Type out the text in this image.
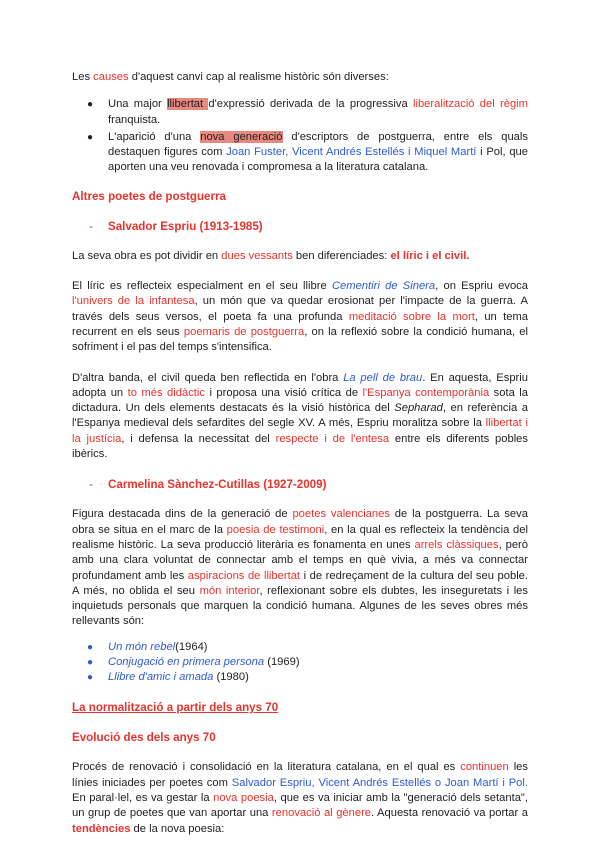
Les causes d'aquest canvi cap al realisme històric són diverses:

● Una major llibertat d'expressió derivada de la progressiva liberalització del règim franquista.
● L'aparició d'una nova generació d'escriptors de postguerra, entre els quals destaquen figures com Joan Fuster, Vicent Andrés Estellés i Miquel Martí i Pol, que aporten una veu renovada i compromesa a la literatura catalana.
Altres poetes de postguerra
- Salvador Espriu (1913-1985)

La seva obra es pot dividir en dues vessants ben diferenciades: el líric i el civil.

El líric es reflecteix especialment en el seu llibre Cementiri de Sinera, on Espriu evoca l'univers de la infantesa, un món que va quedar erosionat per l'impacte de la guerra. A través dels seus versos, el poeta fa una profunda meditació sobre la mort, un tema recurrent en els seus poemaris de postguerra, on la reflexió sobre la condició humana, el sofriment i el pas del temps s'intensifica.

D'altra banda, el civil queda ben reflectida en l'obra La pell de brau. En aquesta, Espriu adopta un to més didàctic i proposa una visió crítica de l'Espanya contemporània sota la dictadura. Un dels elements destacats és la visió històrica del Sepharad, en referència a l'Espanya medieval dels sefardites del segle XV. A més, Espriu moralitza sobre la llibertat i la justícia, i defensa la necessitat del respecte i de l'entesa entre els diferents pobles ibèrics.

- Carmelina Sànchez-Cutillas (1927-2009)

Figura destacada dins de la generació de poetes valencianes de la postguerra. La seva obra se situa en el marc de la poesia de testimoni, en la qual es reflecteix la tendència del realisme històric. La seva producció literària es fonamenta en unes arrels clàssiques, però amb una clara voluntat de connectar amb el temps en què vivia, a més va connectar profundament amb les aspiracions de llibertat i de redreçament de la cultura del seu poble. A més, no oblida el seu món interior, reflexionant sobre els dubtes, les inseguretats i les inquietuds personals que marquen la condició humana. Algunes de les seves obres més rellevants són:

● Un món rebel(1964)
● Conjugació en primera persona (1969)
● Llibre d'amic i amada (1980)
La normalització a partir dels anys 70
Evolució des dels anys 70

Procés de renovació i consolidació en la literatura catalana, en el qual es continuen les línies iniciades per poetes com Salvador Espriu, Vicent Andrés Estellés o Joan Martí i Pol. En paral·lel, es va gestar la nova poesia, que es va iniciar amb la "generació dels setanta", un grup de poetes que van aportar una renovació al gènere. Aquesta renovació va portar a tendències de la nova poesia:
